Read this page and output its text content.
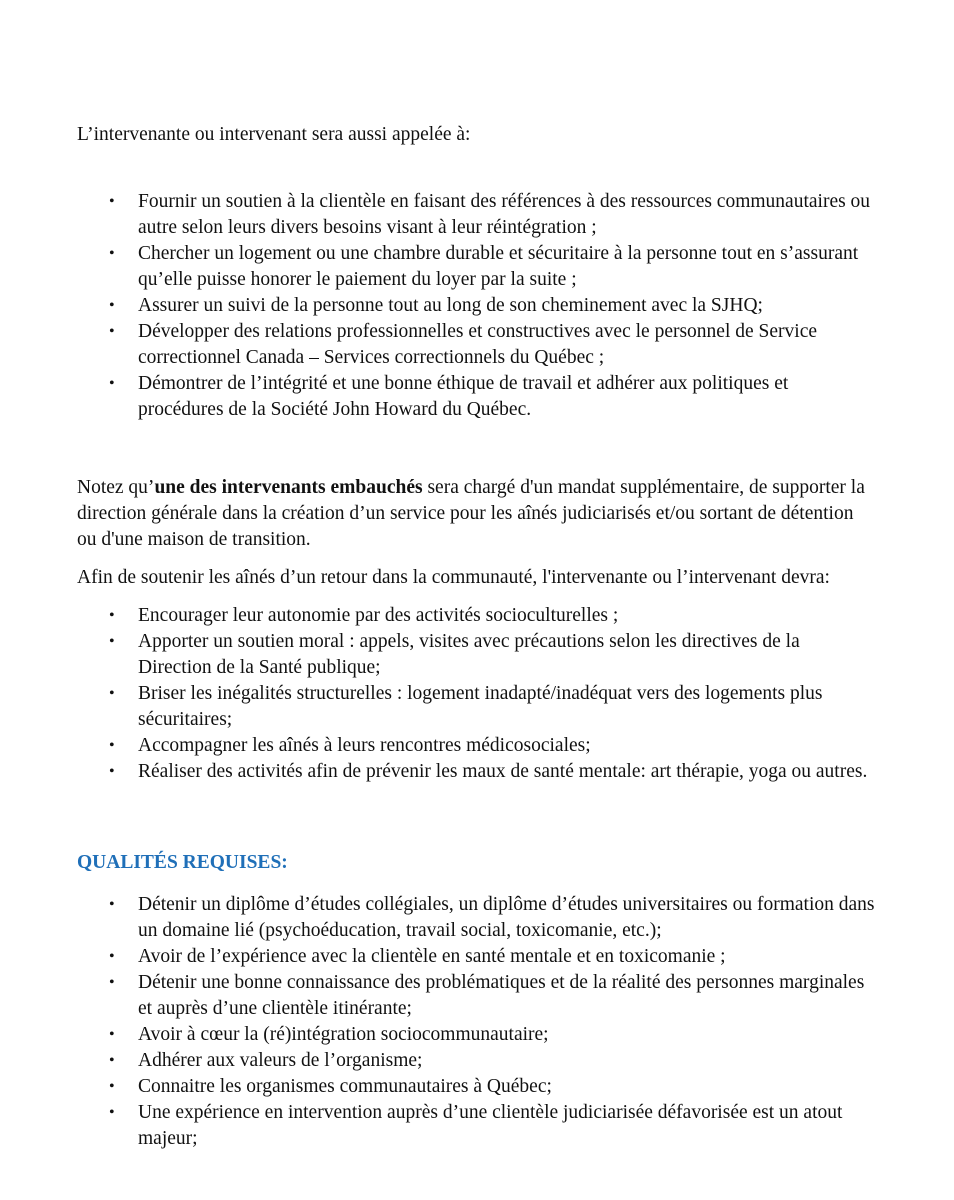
L’intervenante ou intervenant sera aussi appelée à:

• Fournir un soutien à la clientèle en faisant des références à des ressources communautaires ou autre selon leurs divers besoins visant à leur réintégration ;
• Chercher un logement ou une chambre durable et sécuritaire à la personne tout en s’assurant qu’elle puisse honorer le paiement du loyer par la suite ;
• Assurer un suivi de la personne tout au long de son cheminement avec la SJHQ;
• Développer des relations professionnelles et constructives avec le personnel de Service correctionnel Canada – Services correctionnels du Québec ;
• Démontrer de l’intégrité et une bonne éthique de travail et adhérer aux politiques et procédures de la Société John Howard du Québec.

Notez qu’une des intervenants embauchés sera chargé d'un mandat supplémentaire, de supporter la direction générale dans la création d’un service pour les aînés judiciarisés et/ou sortant de détention ou d'une maison de transition.

Afin de soutenir les aînés d’un retour dans la communauté, l'intervenante ou l’intervenant devra:

• Encourager leur autonomie par des activités socioculturelles ;
• Apporter un soutien moral : appels, visites avec précautions selon les directives de la Direction de la Santé publique;
• Briser les inégalités structurelles : logement inadapté/inadéquat vers des logements plus sécuritaires;
• Accompagner les aînés à leurs rencontres médicosociales;
• Réaliser des activités afin de prévenir les maux de santé mentale: art thérapie, yoga ou autres.

QUALITÉS REQUISES:

• Détenir un diplôme d’études collégiales, un diplôme d’études universitaires ou formation dans un domaine lié (psychoéducation, travail social, toxicomanie, etc.);
• Avoir de l’expérience avec la clientèle en santé mentale et en toxicomanie ;
• Détenir une bonne connaissance des problématiques et de la réalité des personnes marginales et auprès d’une clientèle itinérante;
• Avoir à cœur la (ré)intégration sociocommunautaire;
• Adhérer aux valeurs de l’organisme;
• Connaitre les organismes communautaires à Québec;
• Une expérience en intervention auprès d’une clientèle judiciarisée défavorisée est un atout majeur;
